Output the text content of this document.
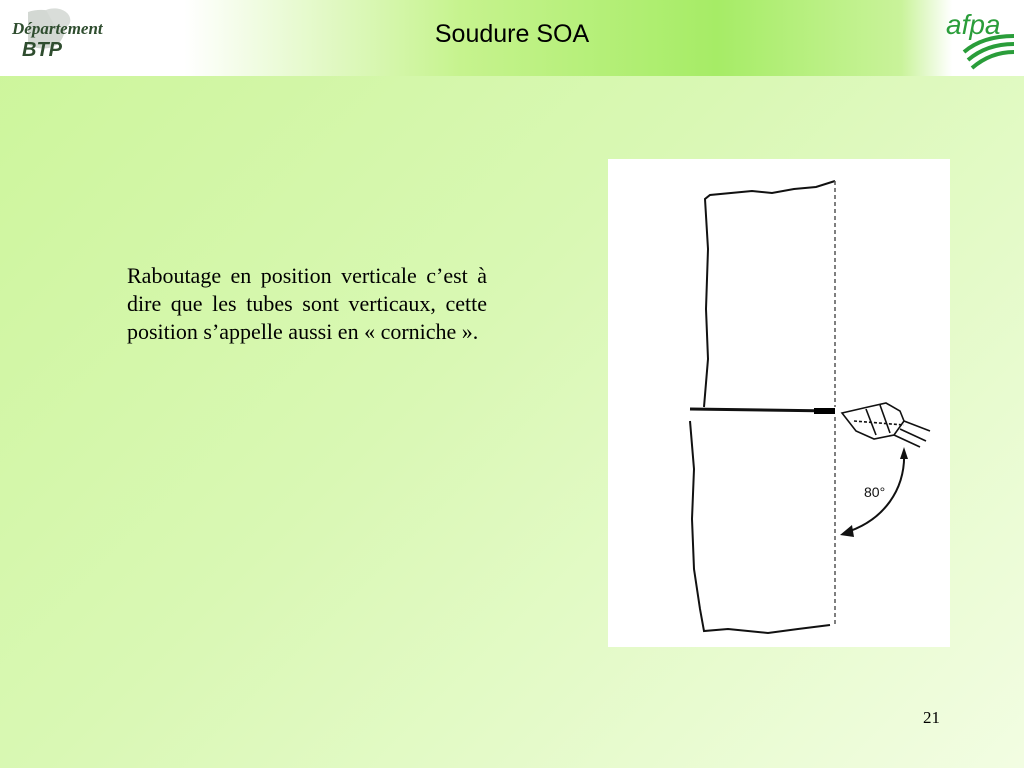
Département
BTP
Soudure SOA	afpa

Raboutage en position verticale c’est à dire que les tubes sont verticaux, cette position s’appelle aussi en « corniche ».

80°
21
